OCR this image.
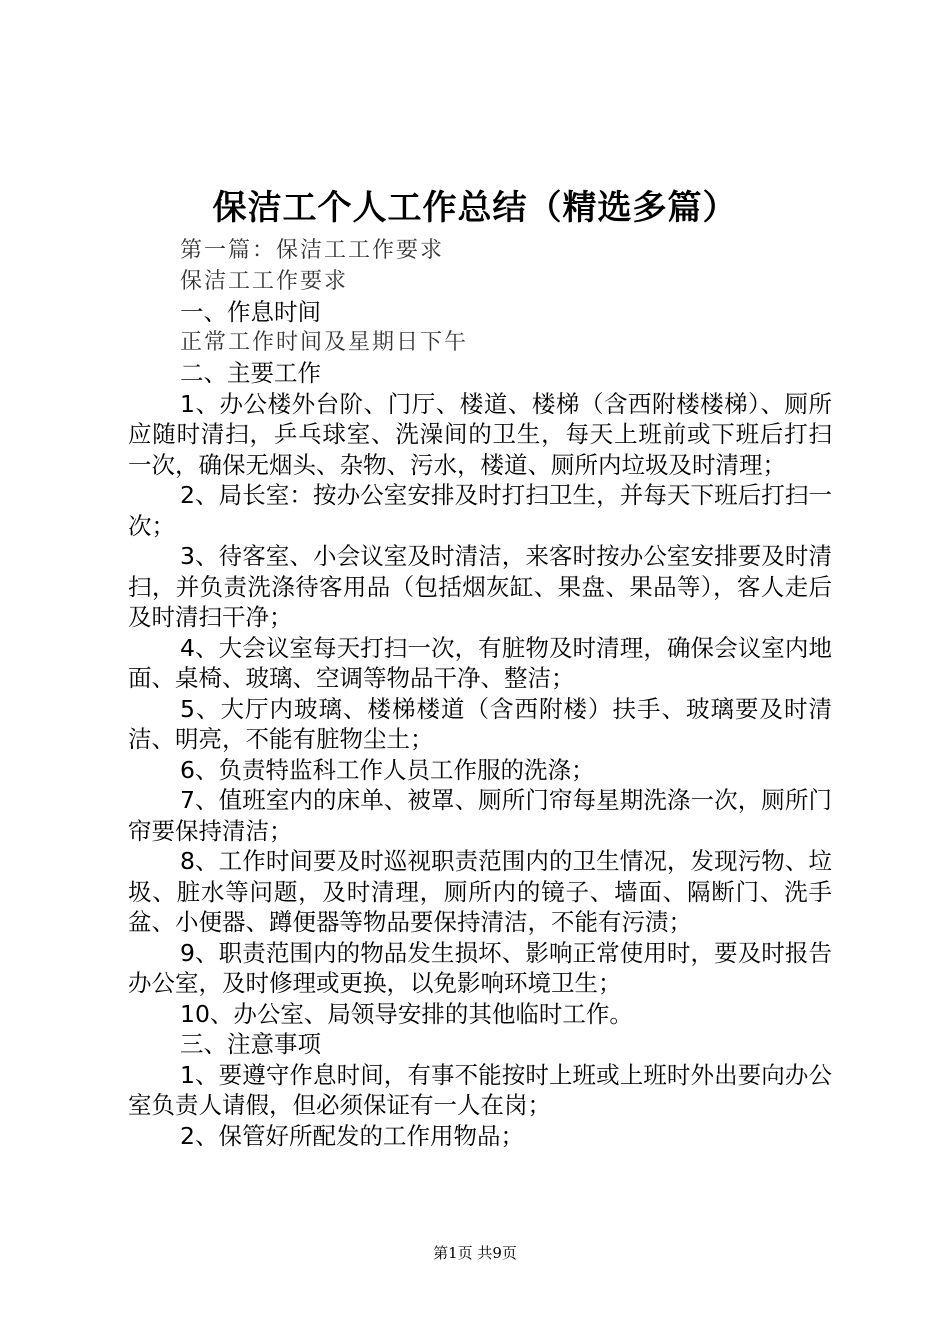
保洁工个人工作总结（精选多篇）
第一篇：保洁工工作要求
保洁工工作要求
一、作息时间
正常工作时间及星期日下午
二、主要工作

1、办公楼外台阶、门厅、楼道、楼梯（含西附楼楼梯）、厕所应随时清扫，乒乓球室、洗澡间的卫生，每天上班前或下班后打扫一次，确保无烟头、杂物、污水，楼道、厕所内垃圾及时清理；

2、局长室：按办公室安排及时打扫卫生，并每天下班后打扫一次；

3、待客室、小会议室及时清洁，来客时按办公室安排要及时清扫，并负责洗涤待客用品（包括烟灰缸、果盘、果品等），客人走后及时清扫干净；

4、大会议室每天打扫一次，有脏物及时清理，确保会议室内地面、桌椅、玻璃、空调等物品干净、整洁；

5、大厅内玻璃、楼梯楼道（含西附楼）扶手、玻璃要及时清洁、明亮，不能有脏物尘土；

6、负责特监科工作人员工作服的洗涤；

7、值班室内的床单、被罩、厕所门帘每星期洗涤一次，厕所门帘要保持清洁；

8、工作时间要及时巡视职责范围内的卫生情况，发现污物、垃圾、脏水等问题，及时清理，厕所内的镜子、墙面、隔断门、洗手盆、小便器、蹲便器等物品要保持清洁，不能有污渍；

9、职责范围内的物品发生损坏、影响正常使用时，要及时报告办公室，及时修理或更换，以免影响环境卫生；

10、办公室、局领导安排的其他临时工作。

三、注意事项

1、要遵守作息时间，有事不能按时上班或上班时外出要向办公室负责人请假，但必须保证有一人在岗；

2、保管好所配发的工作用物品；

第1页 共9页
